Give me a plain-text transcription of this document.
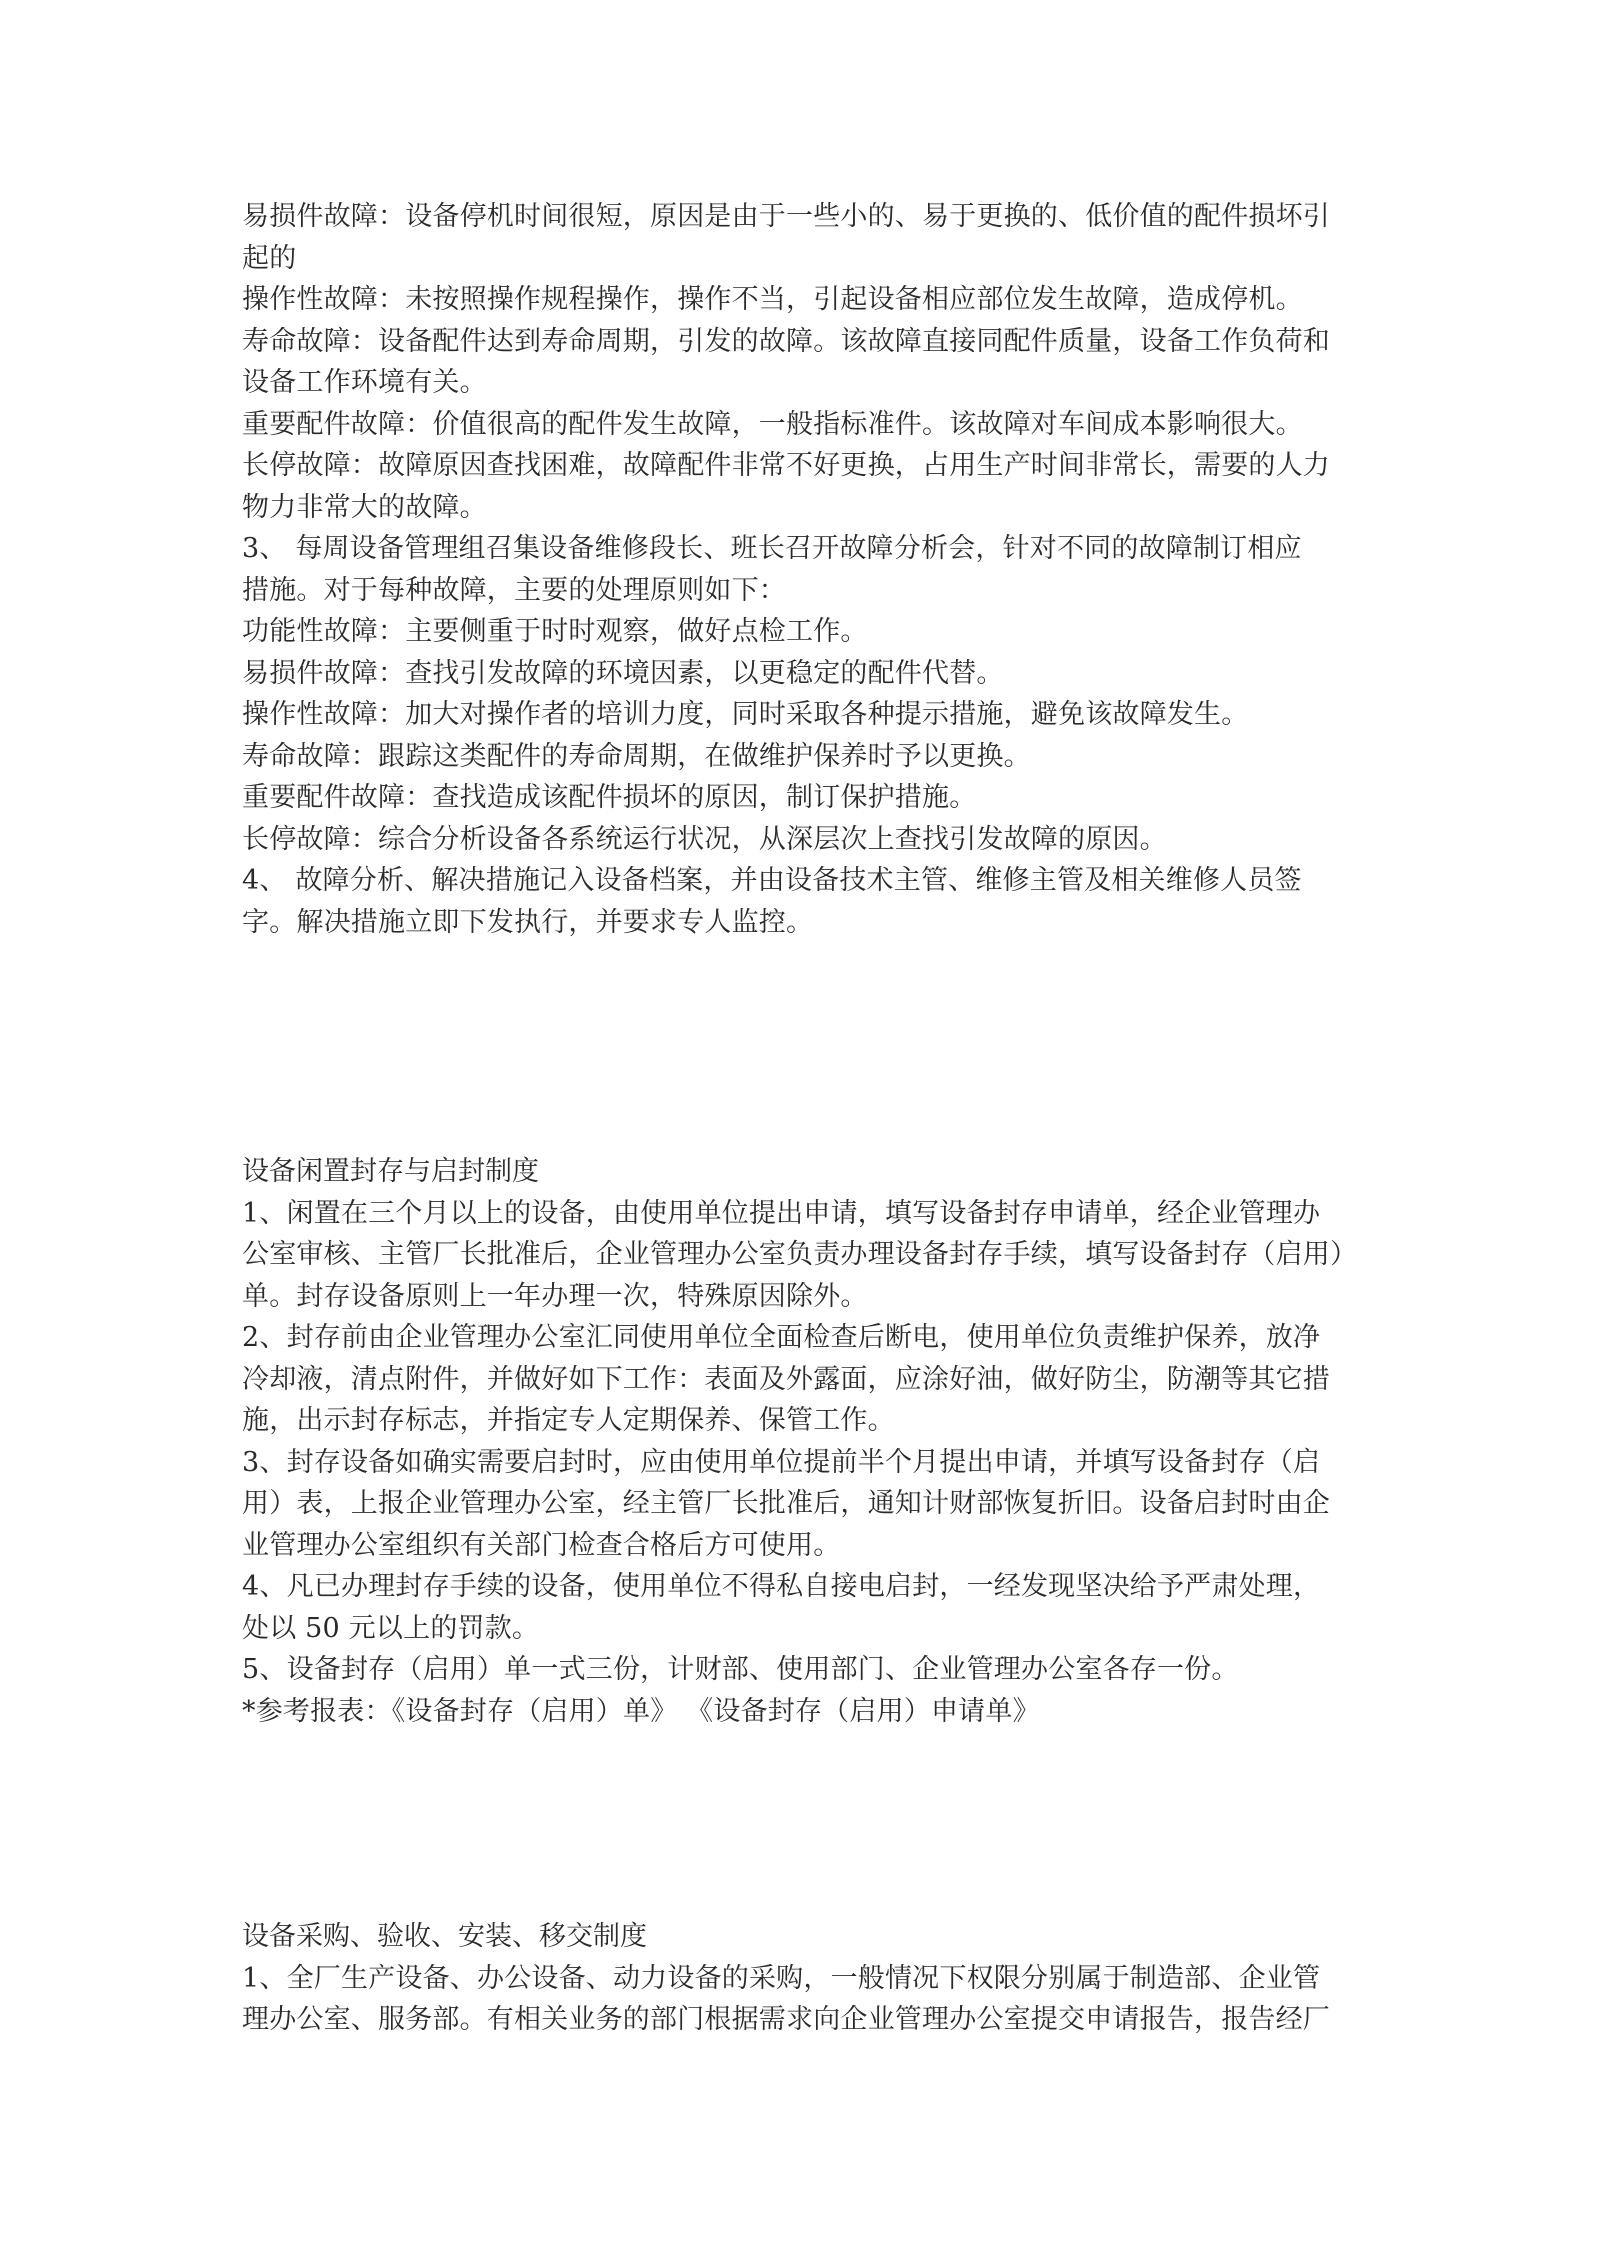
易损件故障：设备停机时间很短，原因是由于一些小的、易于更换的、低价值的配件损坏引
起的
操作性故障：未按照操作规程操作，操作不当，引起设备相应部位发生故障，造成停机。
寿命故障：设备配件达到寿命周期，引发的故障。该故障直接同配件质量，设备工作负荷和
设备工作环境有关。
重要配件故障：价值很高的配件发生故障，一般指标准件。该故障对车间成本影响很大。
长停故障：故障原因查找困难，故障配件非常不好更换，占用生产时间非常长，需要的人力
物力非常大的故障。
3、 每周设备管理组召集设备维修段长、班长召开故障分析会，针对不同的故障制订相应
措施。对于每种故障，主要的处理原则如下：
功能性故障：主要侧重于时时观察，做好点检工作。
易损件故障：查找引发故障的环境因素，以更稳定的配件代替。
操作性故障：加大对操作者的培训力度，同时采取各种提示措施，避免该故障发生。
寿命故障：跟踪这类配件的寿命周期，在做维护保养时予以更换。
重要配件故障：查找造成该配件损坏的原因，制订保护措施。
长停故障：综合分析设备各系统运行状况，从深层次上查找引发故障的原因。
4、 故障分析、解决措施记入设备档案，并由设备技术主管、维修主管及相关维修人员签
字。解决措施立即下发执行，并要求专人监控。
设备闲置封存与启封制度
1、闲置在三个月以上的设备，由使用单位提出申请，填写设备封存申请单，经企业管理办
公室审核、主管厂长批准后，企业管理办公室负责办理设备封存手续，填写设备封存（启用）
单。封存设备原则上一年办理一次，特殊原因除外。
2、封存前由企业管理办公室汇同使用单位全面检查后断电，使用单位负责维护保养，放净
冷却液，清点附件，并做好如下工作：表面及外露面，应涂好油，做好防尘，防潮等其它措
施，出示封存标志，并指定专人定期保养、保管工作。
3、封存设备如确实需要启封时，应由使用单位提前半个月提出申请，并填写设备封存（启
用）表，上报企业管理办公室，经主管厂长批准后，通知计财部恢复折旧。设备启封时由企
业管理办公室组织有关部门检查合格后方可使用。
4、凡已办理封存手续的设备，使用单位不得私自接电启封，一经发现坚决给予严肃处理，
处以 50 元以上的罚款。
5、设备封存（启用）单一式三份，计财部、使用部门、企业管理办公室各存一份。
*参考报表：《设备封存（启用）单》 《设备封存（启用）申请单》
设备采购、验收、安装、移交制度
1、全厂生产设备、办公设备、动力设备的采购，一般情况下权限分别属于制造部、企业管
理办公室、服务部。有相关业务的部门根据需求向企业管理办公室提交申请报告，报告经厂
